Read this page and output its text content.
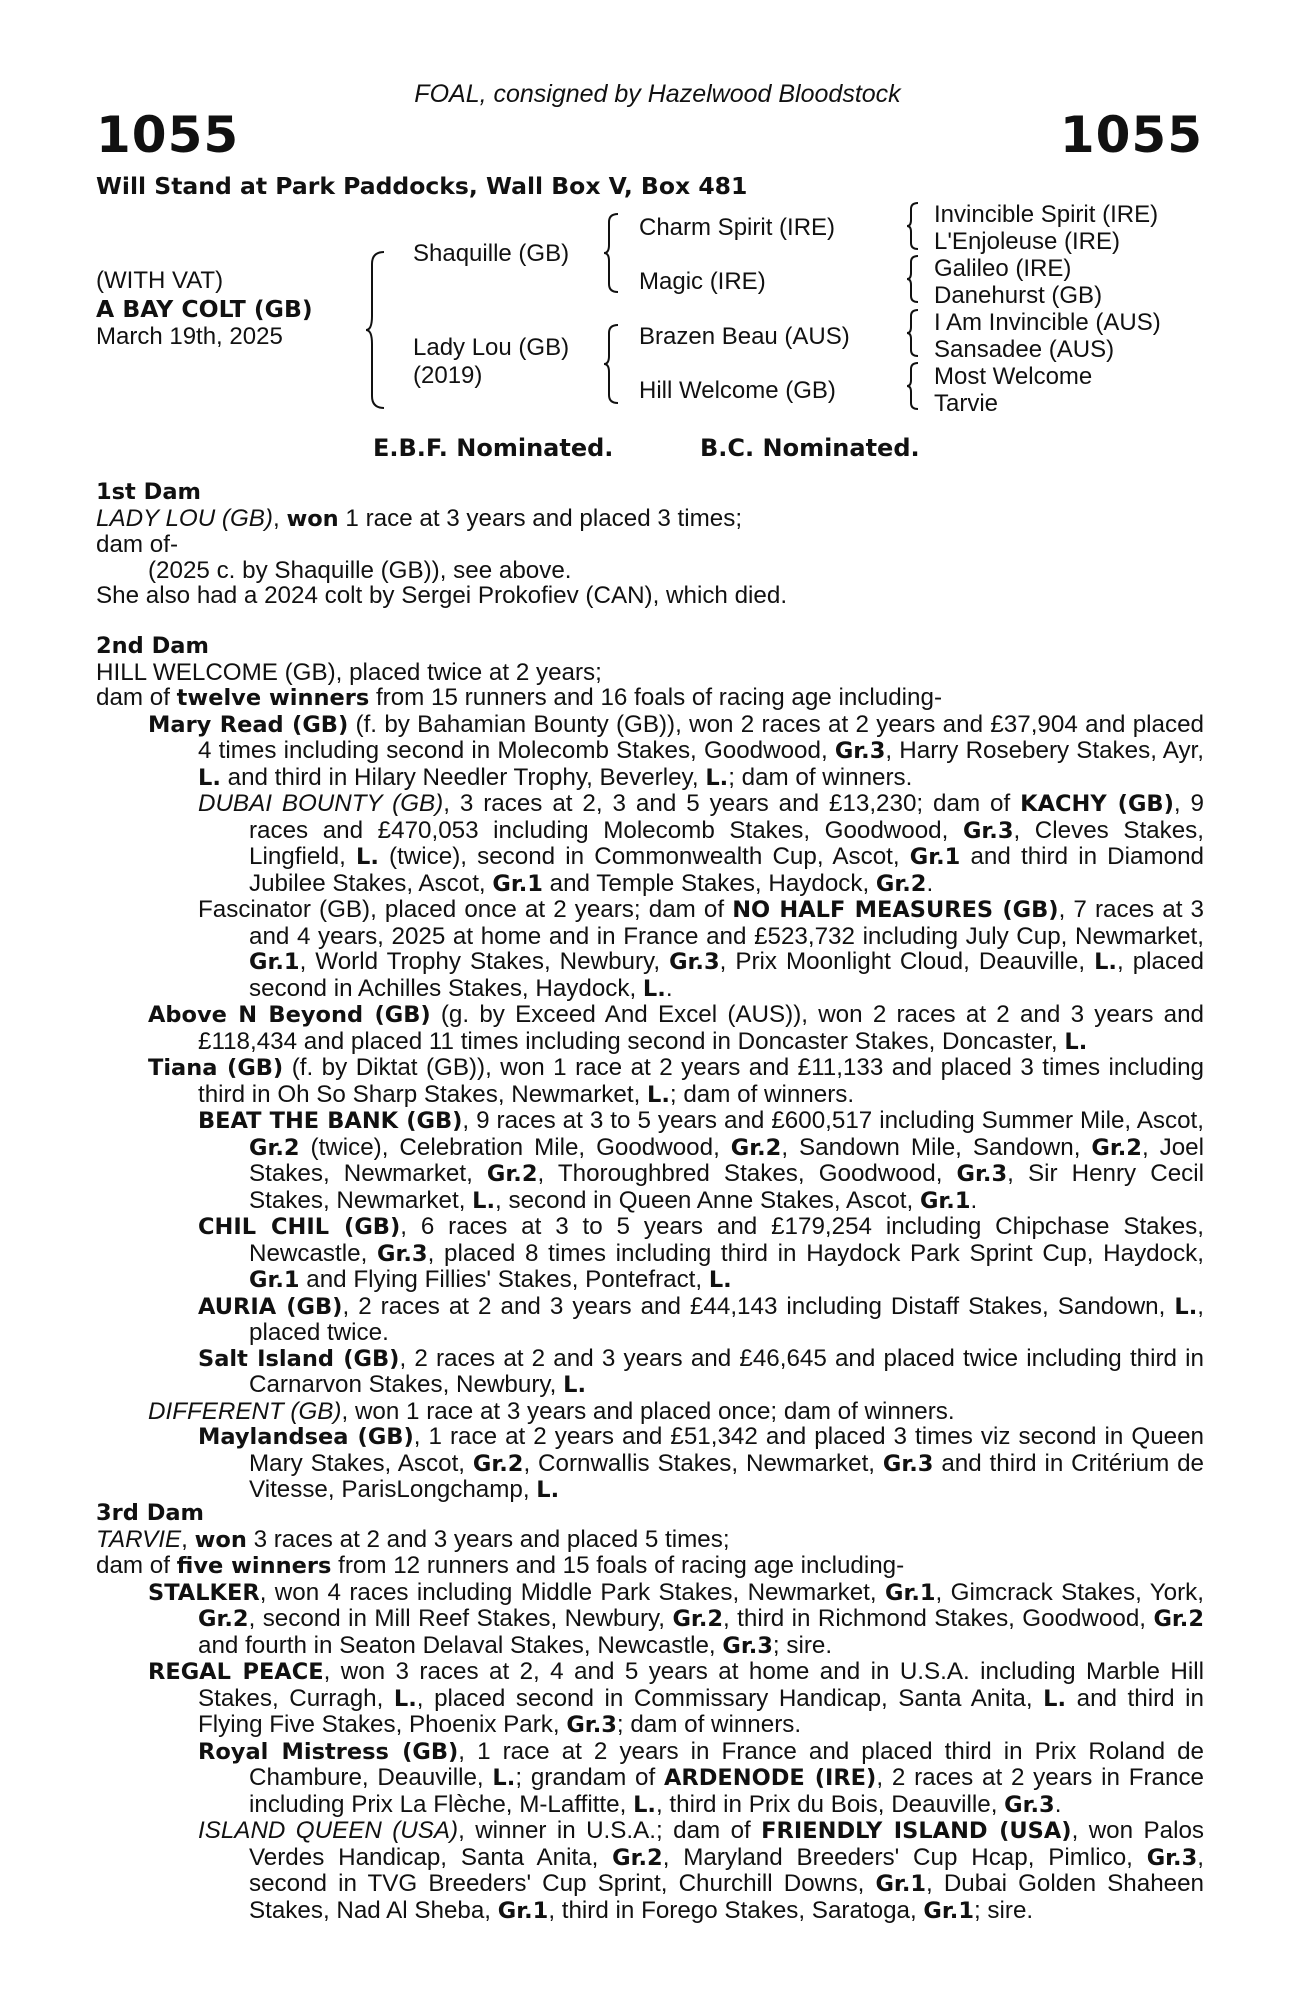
FOAL, consigned by Hazelwood Bloodstock
1055	1055
Will Stand at Park Paddocks, Wall Box V, Box 481
(WITH VAT)
A BAY COLT (GB)
March 19th, 2025
Shaquille (GB)
Lady Lou (GB)
(2019)
Charm Spirit (IRE)
Magic (IRE)
Brazen Beau (AUS)
Hill Welcome (GB)
Invincible Spirit (IRE)
L'Enjoleuse (IRE)
Galileo (IRE)
Danehurst (GB)
I Am Invincible (AUS)
Sansadee (AUS)
Most Welcome
Tarvie
E.B.F. Nominated.	B.C. Nominated.
1st Dam
LADY LOU (GB), won 1 race at 3 years and placed 3 times;
dam of-
(2025 c. by Shaquille (GB)), see above.
She also had a 2024 colt by Sergei Prokofiev (CAN), which died.
2nd Dam
HILL WELCOME (GB), placed twice at 2 years;
dam of twelve winners from 15 runners and 16 foals of racing age including-
Mary Read (GB) (f. by Bahamian Bounty (GB)), won 2 races at 2 years and £37,904 and placed 4 times including second in Molecomb Stakes, Goodwood, Gr.3, Harry Rosebery Stakes, Ayr, L. and third in Hilary Needler Trophy, Beverley, L.; dam of winners.
DUBAI BOUNTY (GB), 3 races at 2, 3 and 5 years and £13,230; dam of KACHY (GB), 9 races and £470,053 including Molecomb Stakes, Goodwood, Gr.3, Cleves Stakes, Lingfield, L. (twice), second in Commonwealth Cup, Ascot, Gr.1 and third in Diamond Jubilee Stakes, Ascot, Gr.1 and Temple Stakes, Haydock, Gr.2.
Fascinator (GB), placed once at 2 years; dam of NO HALF MEASURES (GB), 7 races at 3 and 4 years, 2025 at home and in France and £523,732 including July Cup, Newmarket, Gr.1, World Trophy Stakes, Newbury, Gr.3, Prix Moonlight Cloud, Deauville, L., placed second in Achilles Stakes, Haydock, L..
Above N Beyond (GB) (g. by Exceed And Excel (AUS)), won 2 races at 2 and 3 years and £118,434 and placed 11 times including second in Doncaster Stakes, Doncaster, L.
Tiana (GB) (f. by Diktat (GB)), won 1 race at 2 years and £11,133 and placed 3 times including third in Oh So Sharp Stakes, Newmarket, L.; dam of winners.
BEAT THE BANK (GB), 9 races at 3 to 5 years and £600,517 including Summer Mile, Ascot, Gr.2 (twice), Celebration Mile, Goodwood, Gr.2, Sandown Mile, Sandown, Gr.2, Joel Stakes, Newmarket, Gr.2, Thoroughbred Stakes, Goodwood, Gr.3, Sir Henry Cecil Stakes, Newmarket, L., second in Queen Anne Stakes, Ascot, Gr.1.
CHIL CHIL (GB), 6 races at 3 to 5 years and £179,254 including Chipchase Stakes, Newcastle, Gr.3, placed 8 times including third in Haydock Park Sprint Cup, Haydock, Gr.1 and Flying Fillies' Stakes, Pontefract, L.
AURIA (GB), 2 races at 2 and 3 years and £44,143 including Distaff Stakes, Sandown, L., placed twice.
Salt Island (GB), 2 races at 2 and 3 years and £46,645 and placed twice including third in Carnarvon Stakes, Newbury, L.
DIFFERENT (GB), won 1 race at 3 years and placed once; dam of winners.
Maylandsea (GB), 1 race at 2 years and £51,342 and placed 3 times viz second in Queen Mary Stakes, Ascot, Gr.2, Cornwallis Stakes, Newmarket, Gr.3 and third in Critérium de Vitesse, ParisLongchamp, L.
3rd Dam
TARVIE, won 3 races at 2 and 3 years and placed 5 times;
dam of five winners from 12 runners and 15 foals of racing age including-
STALKER, won 4 races including Middle Park Stakes, Newmarket, Gr.1, Gimcrack Stakes, York, Gr.2, second in Mill Reef Stakes, Newbury, Gr.2, third in Richmond Stakes, Goodwood, Gr.2 and fourth in Seaton Delaval Stakes, Newcastle, Gr.3; sire.
REGAL PEACE, won 3 races at 2, 4 and 5 years at home and in U.S.A. including Marble Hill Stakes, Curragh, L., placed second in Commissary Handicap, Santa Anita, L. and third in Flying Five Stakes, Phoenix Park, Gr.3; dam of winners.
Royal Mistress (GB), 1 race at 2 years in France and placed third in Prix Roland de Chambure, Deauville, L.; grandam of ARDENODE (IRE), 2 races at 2 years in France including Prix La Flèche, M-Laffitte, L., third in Prix du Bois, Deauville, Gr.3.
ISLAND QUEEN (USA), winner in U.S.A.; dam of FRIENDLY ISLAND (USA), won Palos Verdes Handicap, Santa Anita, Gr.2, Maryland Breeders' Cup Hcap, Pimlico, Gr.3, second in TVG Breeders' Cup Sprint, Churchill Downs, Gr.1, Dubai Golden Shaheen Stakes, Nad Al Sheba, Gr.1, third in Forego Stakes, Saratoga, Gr.1; sire.
